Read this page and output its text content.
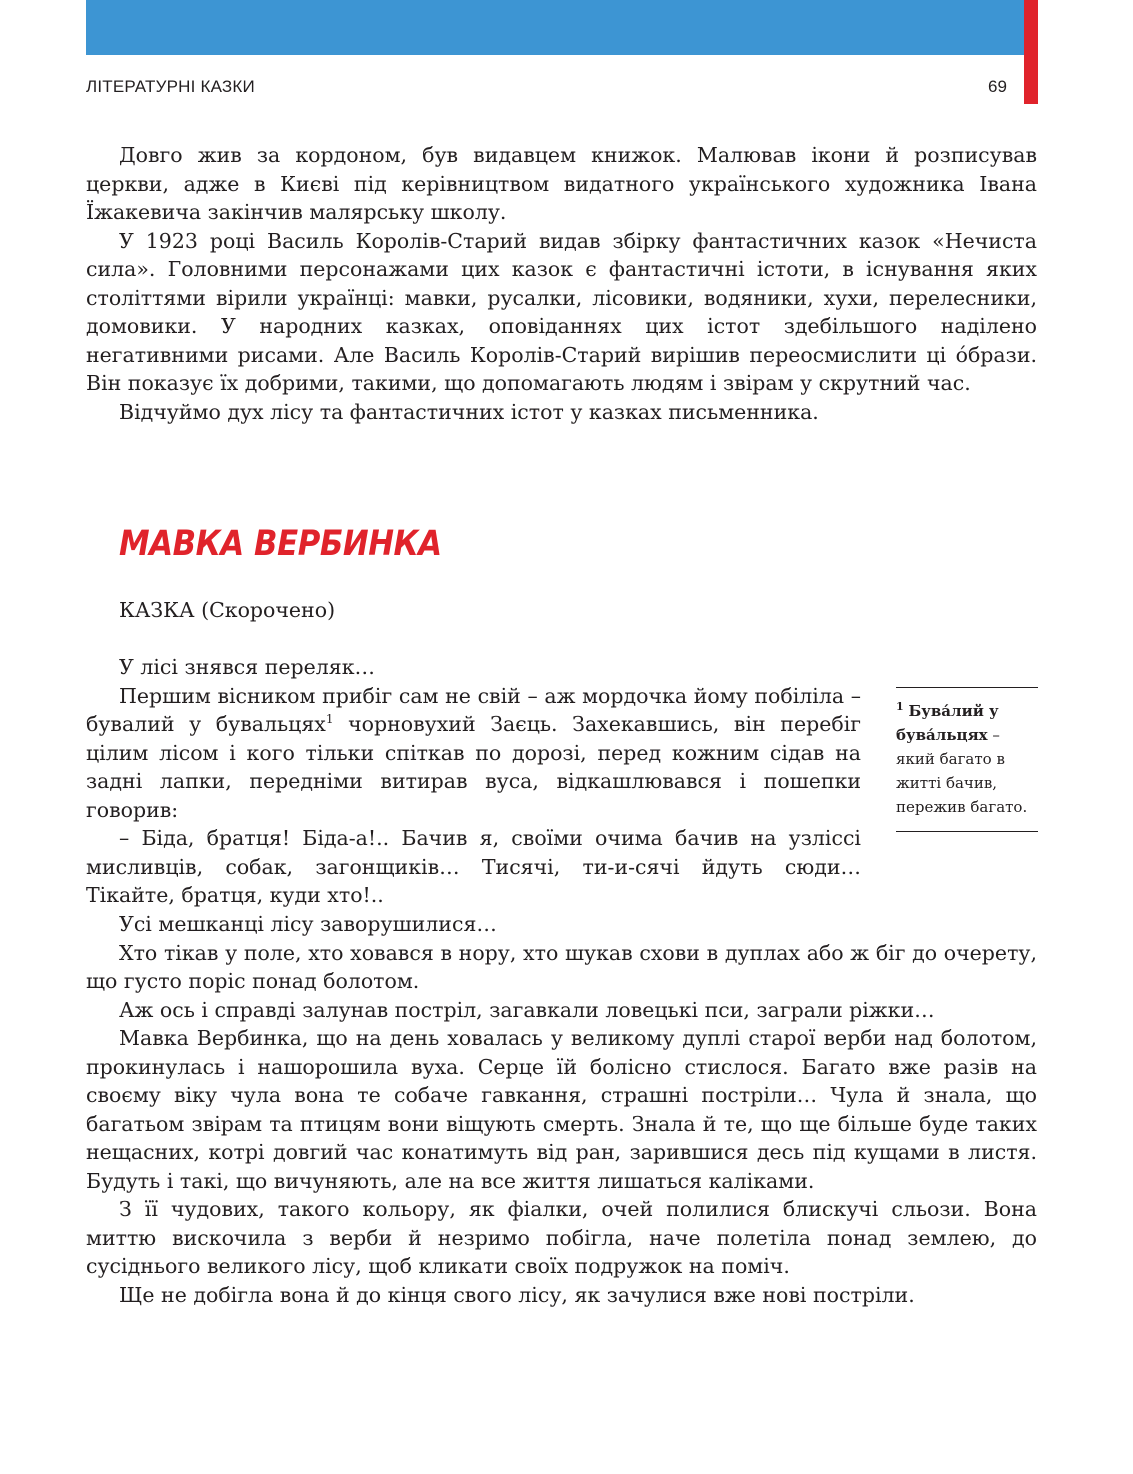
ЛІТЕРАТУРНІ КАЗКИ	69

Довго жив за кордоном, був видавцем книжок. Малював ікони й розписував церкви, адже в Києві під керівництвом видатного українського художника Івана Їжакевича закінчив малярську школу.

У 1923 році Василь Королів-Старий видав збірку фантастичних казок «Нечиста сила». Головними персонажами цих казок є фантастичні істоти, в існування яких століттями вірили українці: мавки, русалки, лісовики, водяники, хухи, перелесники, домовики. У народних казках, оповіданнях цих істот здебільшого наділено негативними рисами. Але Василь Королів-Старий вирішив переосмислити ці óбрази. Він показує їх добрими, такими, що допомагають людям і звірам у скрутний час.

Відчуймо дух лісу та фантастичних істот у казках письменника.

МАВКА ВЕРБИНКА
КАЗКА (Скорочено)

У лісі знявся переляк…

Першим вісником прибіг сам не свій – аж мордочка йому побіліла – бувалий у бувальцях$^1$ чорновухий Заєць. Захекавшись, він перебіг цілим лісом і кого тільки спіткав по дорозі, перед кожним сідав на задні лапки, передніми витирав вуса, відкашлювався і пошепки говорив:

– Біда, братця! Біда-а!.. Бачив я, своїми очима бачив на узліссі мисливців, собак, загонщиків… Тисячі, ти-и-сячі йдуть сюди… Тікайте, братця, куди хто!..

Усі мешканці лісу заворушилися…

Хто тікав у поле, хто ховався в нору, хто шукав схови в дуплах або ж біг до очерету, що густо поріс понад болотом.

Аж ось і справді залунав постріл, загавкали ловецькі пси, заграли ріжки…

Мавка Вербинка, що на день ховалась у великому дуплі старої верби над болотом, прокинулась і нашорошила вуха. Серце їй болісно стислося. Багато вже разів на своєму віку чула вона те собаче гавкання, страшні постріли… Чула й знала, що багатьом звірам та птицям вони віщують смерть. Знала й те, що ще більше буде таких нещасних, котрі довгий час конатимуть від ран, зарившися десь під кущами в листя. Будуть і такі, що вичуняють, але на все життя лишаться каліками.

З її чудових, такого кольору, як фіалки, очей полилися блискучі сльози. Вона миттю вискочила з верби й незримо побігла, наче полетіла понад землею, до сусіднього великого лісу, щоб кликати своїх подружок на поміч.

Ще не добігла вона й до кінця свого лісу, як зачулися вже нові постріли.

$^1$ Бува́лий у бува́льцях – який багато в житті бачив, пережив багато.
